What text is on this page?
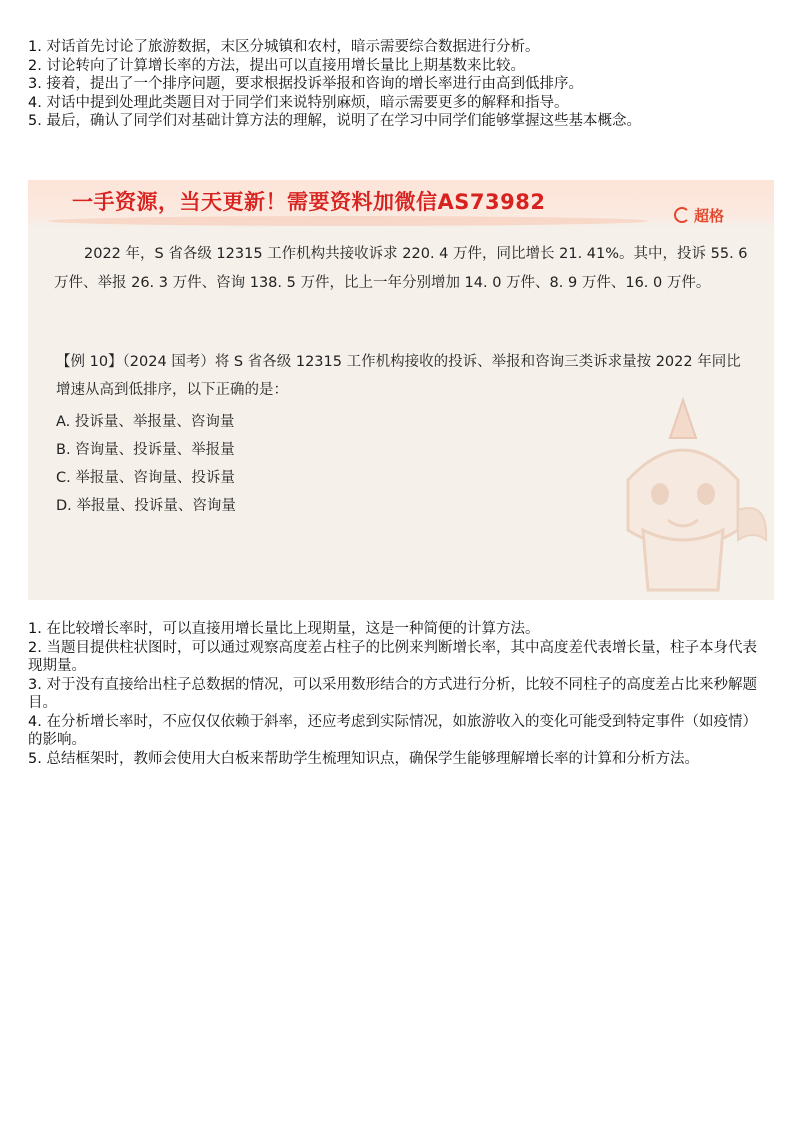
1. 对话首先讨论了旅游数据，末区分城镇和农村，暗示需要综合数据进行分析。
2. 讨论转向了计算增长率的方法，提出可以直接用增长量比上期基数来比较。
3. 接着，提出了一个排序问题，要求根据投诉举报和咨询的增长率进行由高到低排序。
4. 对话中提到处理此类题目对于同学们来说特别麻烦，暗示需要更多的解释和指导。
5. 最后，确认了同学们对基础计算方法的理解，说明了在学习中同学们能够掌握这些基本概念。
一手资源，当天更新！需要资料加微信AS73982
超格
2022 年，S 省各级 12315 工作机构共接收诉求 220. 4 万件，同比增长 21. 41%。其中，投诉 55. 6 万件、举报 26. 3 万件、咨询 138. 5 万件，比上一年分别增加 14. 0 万件、8. 9 万件、16. 0 万件。
【例 10】（2024 国考）将 S 省各级 12315 工作机构接收的投诉、举报和咨询三类诉求量按 2022 年同比增速从高到低排序，以下正确的是：
A. 投诉量、举报量、咨询量
B. 咨询量、投诉量、举报量
C. 举报量、咨询量、投诉量
D. 举报量、投诉量、咨询量
1. 在比较增长率时，可以直接用增长量比上现期量，这是一种简便的计算方法。
2. 当题目提供柱状图时，可以通过观察高度差占柱子的比例来判断增长率，其中高度差代表增长量，柱子本身代表现期量。
3. 对于没有直接给出柱子总数据的情况，可以采用数形结合的方式进行分析，比较不同柱子的高度差占比来秒解题目。
4. 在分析增长率时，不应仅仅依赖于斜率，还应考虑到实际情况，如旅游收入的变化可能受到特定事件（如疫情）的影响。
5. 总结框架时，教师会使用大白板来帮助学生梳理知识点，确保学生能够理解增长率的计算和分析方法。
